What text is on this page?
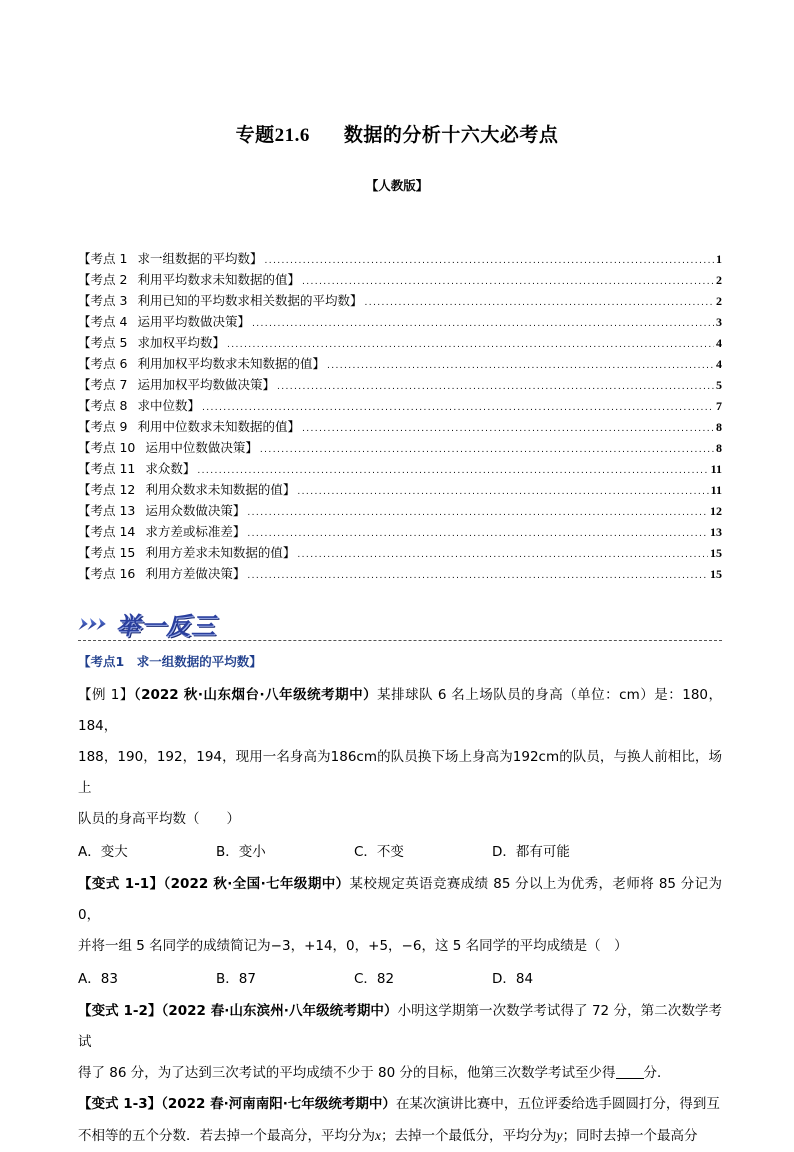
专题21.6 数据的分析十六大必考点
【人教版】
【考点 1 求一组数据的平均数】 .....	1
【考点 2 利用平均数求未知数据的值】 .....	2
【考点 3 利用已知的平均数求相关数据的平均数】 .....	2
【考点 4 运用平均数做决策】 .....	3
【考点 5 求加权平均数】 .....	4
【考点 6 利用加权平均数求未知数据的值】 .....	4
【考点 7 运用加权平均数做决策】 .....	5
【考点 8 求中位数】 .....	7
【考点 9 利用中位数求未知数据的值】 .....	8
【考点 10 运用中位数做决策】 .....	8
【考点 11 求众数】 .....	11
【考点 12 利用众数求未知数据的值】 .....	11
【考点 13 运用众数做决策】 .....	12
【考点 14 求方差或标准差】 .....	13
【考点 15 利用方差求未知数据的值】 .....	15
【考点 16 利用方差做决策】 .....	15
举一反三
【考点1　求一组数据的平均数】
【例 1】（2022 秋·山东烟台·八年级统考期中）某排球队 6 名上场队员的身高（单位：cm）是：180，184，
188，190，192，194，现用一名身高为186cm的队员换下场上身高为192cm的队员，与换人前相比，场上
队员的身高平均数（　　）
A．变大	B．变小	C．不变	D．都有可能
【变式 1-1】（2022 秋·全国·七年级期中）某校规定英语竞赛成绩 85 分以上为优秀，老师将 85 分记为 0，
并将一组 5 名同学的成绩简记为−3，+14，0，+5，−6，这 5 名同学的平均成绩是（　）
A．83	B．87	C．82	D．84
【变式 1-2】（2022 春·山东滨州·八年级统考期中）小明这学期第一次数学考试得了 72 分，第二次数学考试
得了 86 分，为了达到三次考试的平均成绩不少于 80 分的目标，他第三次数学考试至少得 分．
【变式 1-3】（2022 春·河南南阳·七年级统考期中）在某次演讲比赛中，五位评委给选手圆圆打分，得到互
不相等的五个分数．若去掉一个最高分，平均分为x；去掉一个最低分，平均分为y；同时去掉一个最高分
